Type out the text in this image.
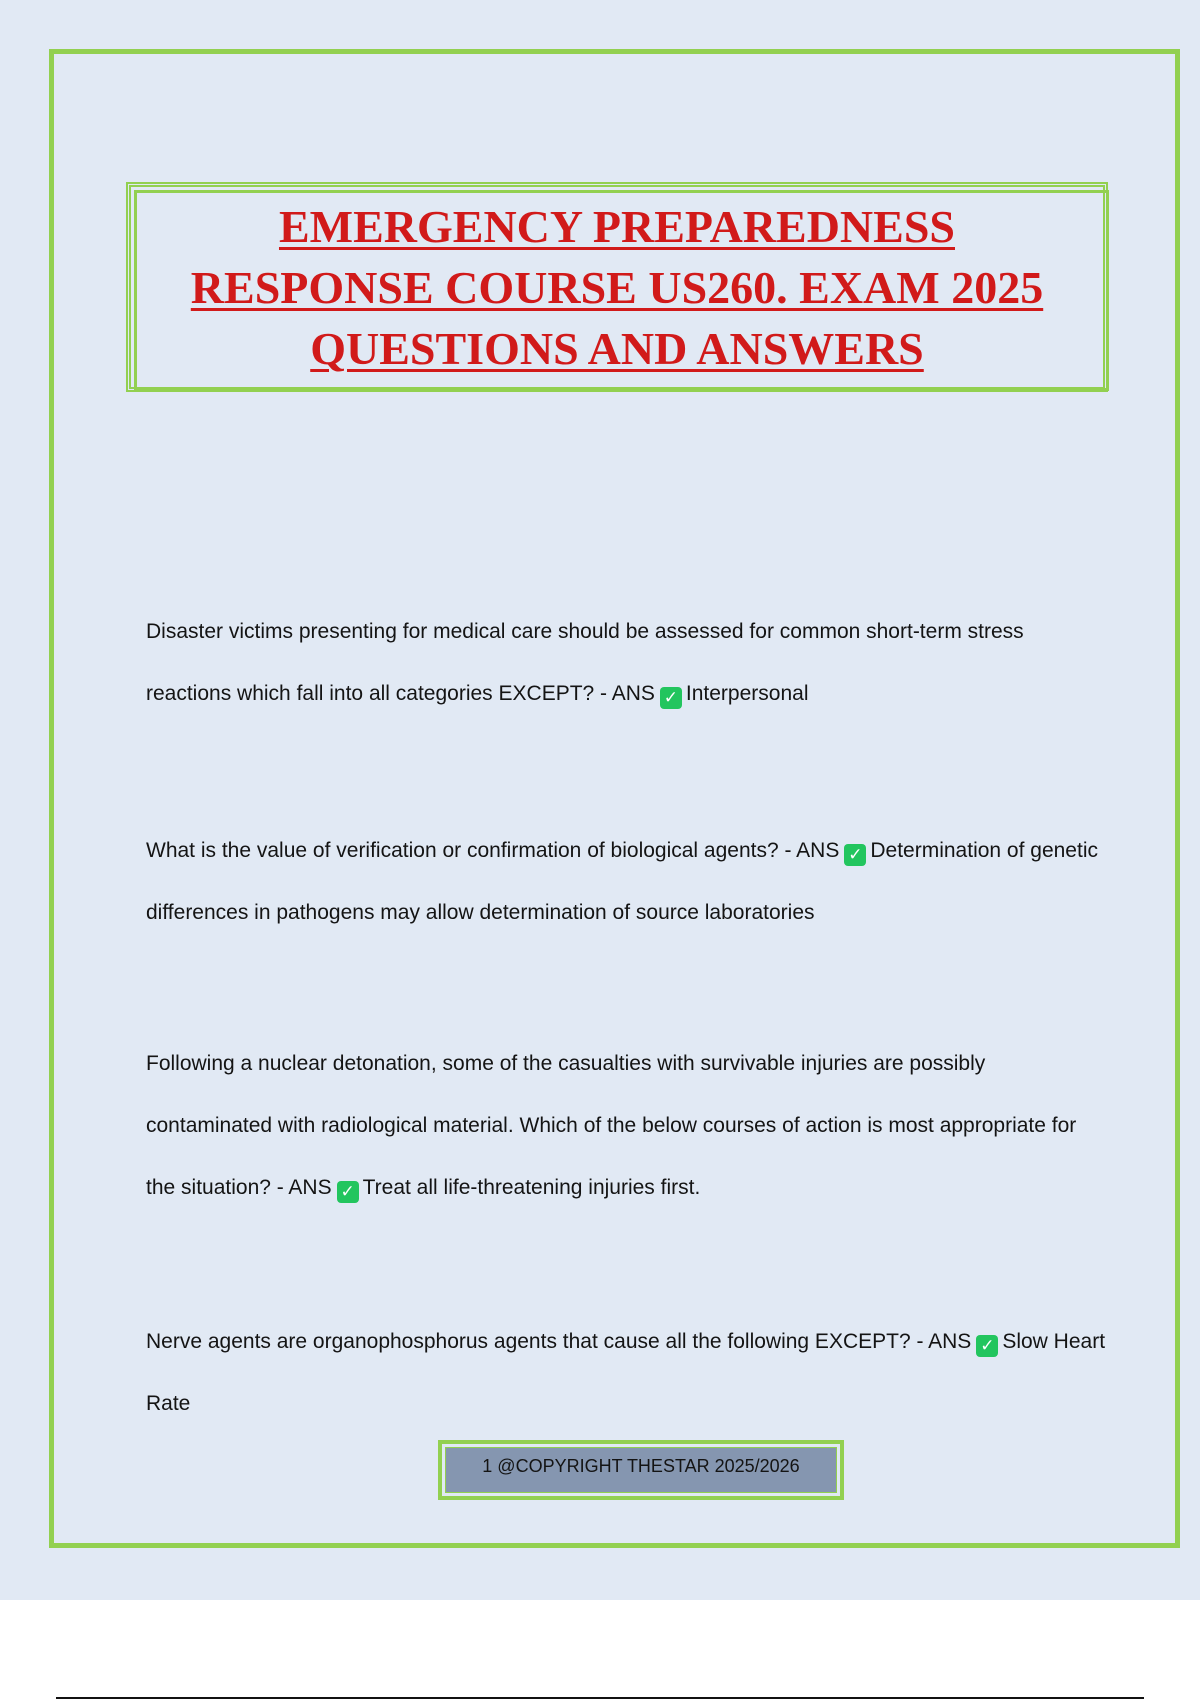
EMERGENCY PREPAREDNESS
RESPONSE COURSE US260. EXAM 2025
QUESTIONS AND ANSWERS

Disaster victims presenting for medical care should be assessed for common short-term stress reactions which fall into all categories EXCEPT? - ANS ✓ Interpersonal

What is the value of verification or confirmation of biological agents? - ANS ✓ Determination of genetic differences in pathogens may allow determination of source laboratories

Following a nuclear detonation, some of the casualties with survivable injuries are possibly contaminated with radiological material. Which of the below courses of action is most appropriate for the situation? - ANS ✓ Treat all life-threatening injuries first.

Nerve agents are organophosphorus agents that cause all the following EXCEPT? - ANS ✓ Slow Heart Rate

1 @COPYRIGHT THESTAR 2025/2026
